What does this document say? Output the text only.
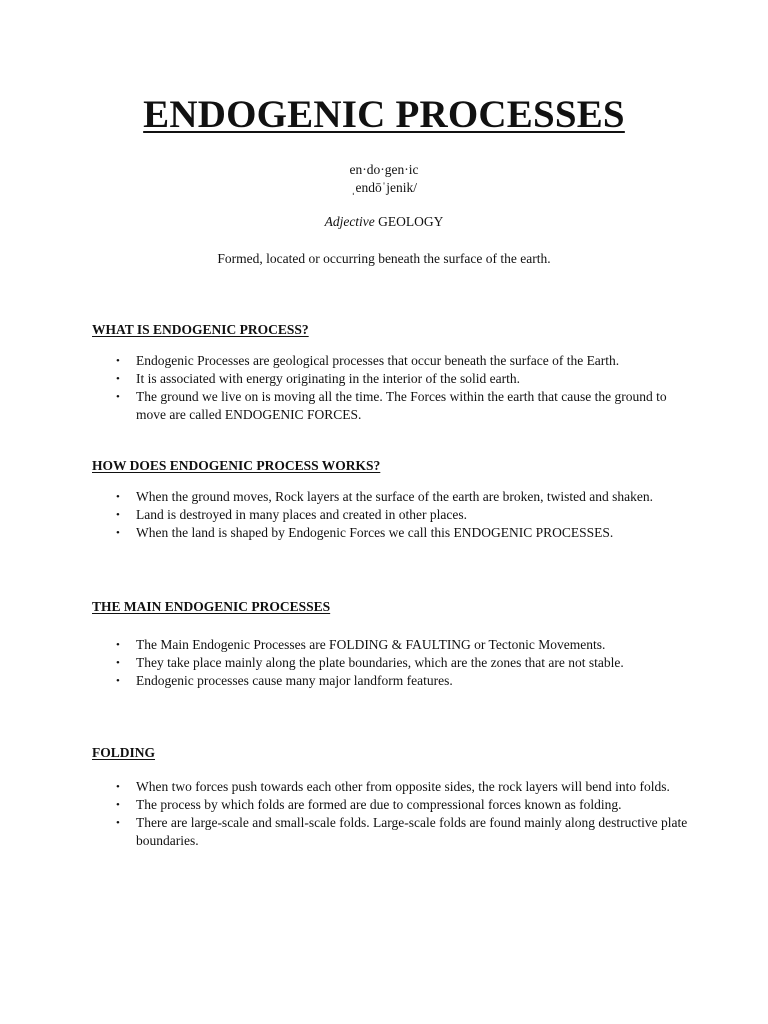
ENDOGENIC PROCESSES
en·do·gen·ic
ˌendōˈjenik/
Adjective GEOLOGY
Formed, located or occurring beneath the surface of the earth.
WHAT IS ENDOGENIC PROCESS?
• Endogenic Processes are geological processes that occur beneath the surface of the Earth.
• It is associated with energy originating in the interior of the solid earth.
• The ground we live on is moving all the time. The Forces within the earth that cause the ground to move are called ENDOGENIC FORCES.
HOW DOES ENDOGENIC PROCESS WORKS?
• When the ground moves, Rock layers at the surface of the earth are broken, twisted and shaken.
• Land is destroyed in many places and created in other places.
• When the land is shaped by Endogenic Forces we call this ENDOGENIC PROCESSES.
THE MAIN ENDOGENIC PROCESSES
• The Main Endogenic Processes are FOLDING & FAULTING or Tectonic Movements.
• They take place mainly along the plate boundaries, which are the zones that are not stable.
• Endogenic processes cause many major landform features.
FOLDING
• When two forces push towards each other from opposite sides, the rock layers will bend into folds.
• The process by which folds are formed are due to compressional forces known as folding.
• There are large-scale and small-scale folds. Large-scale folds are found mainly along destructive plate boundaries.
